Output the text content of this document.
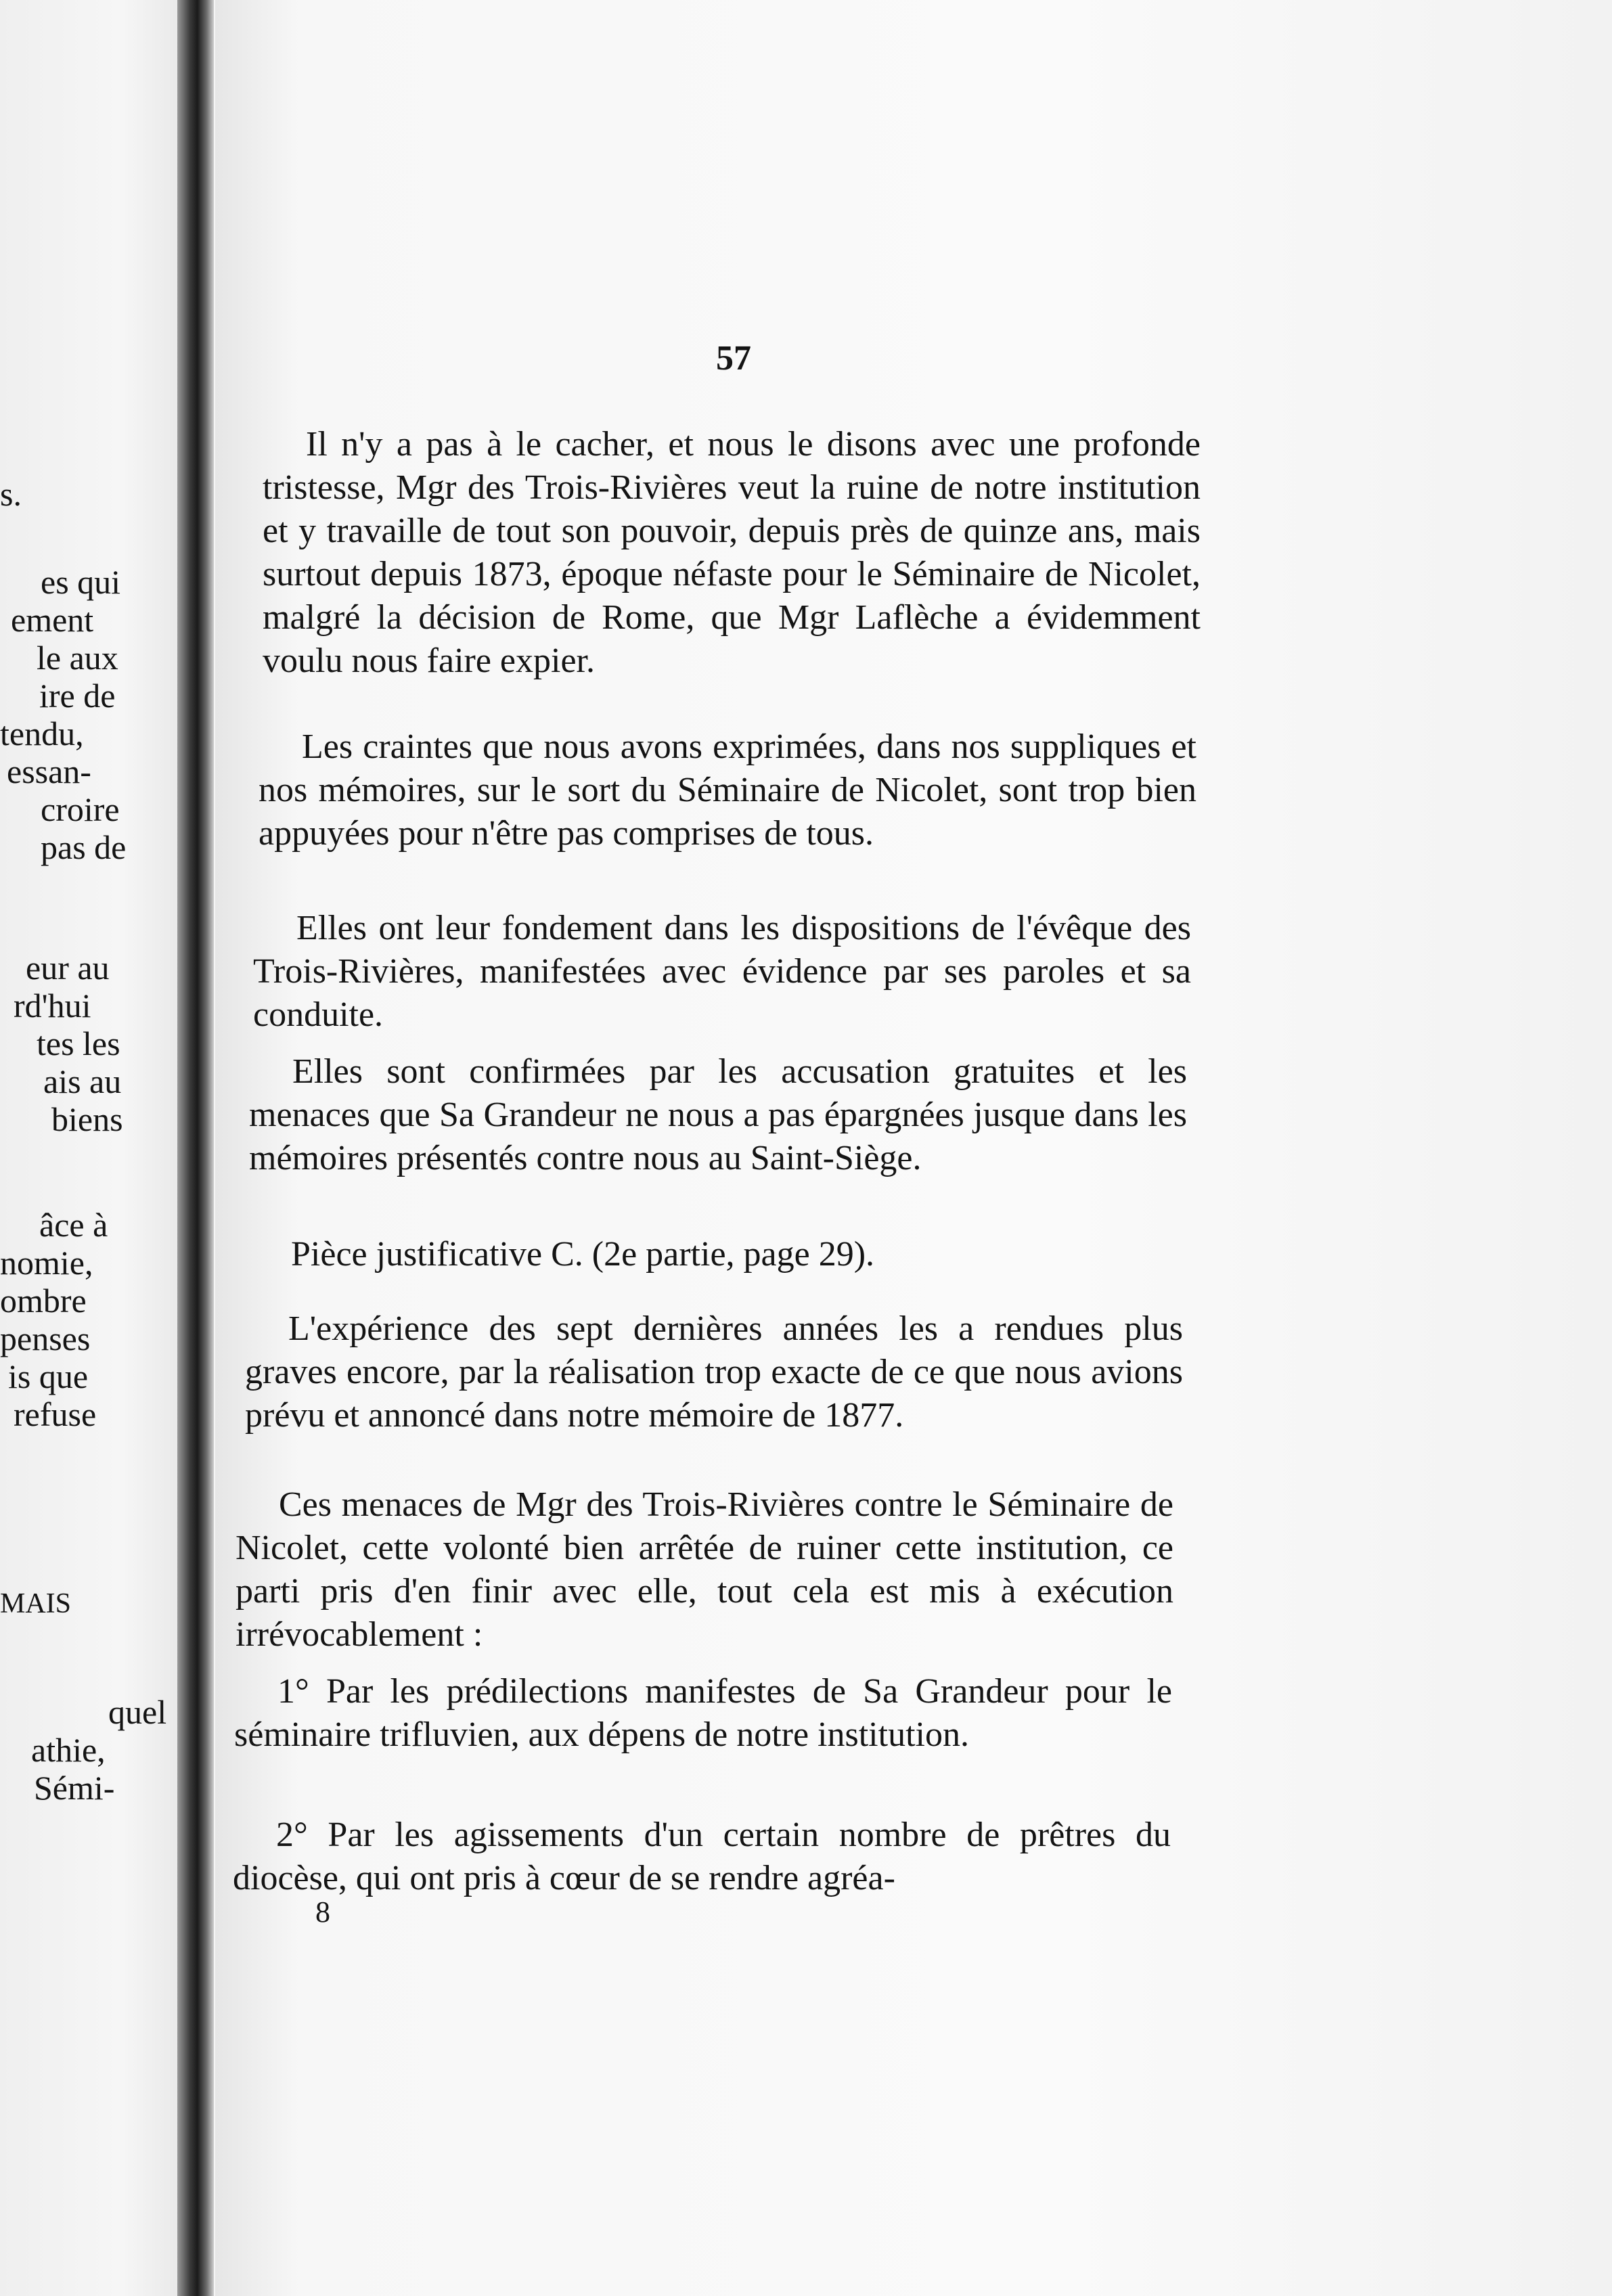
s.
es qui
ement
le aux
ire de
tendu,
essan-
croire
pas de
eur au
rd'hui
tes les
ais au
biens
âce à
nomie,
ombre
penses
is que
refuse
MAIS
quel
athie,
Sémi-
57
Il n'y a pas à le cacher, et nous le disons avec une profonde tristesse, Mgr des Trois-Rivières veut la ruine de notre institution et y travaille de tout son pouvoir, depuis près de quinze ans, mais surtout depuis 1873, époque néfaste pour le Séminaire de Nicolet, malgré la décision de Rome, que Mgr Laflèche a évidemment voulu nous faire expier.
Les craintes que nous avons exprimées, dans nos suppliques et nos mémoires, sur le sort du Séminaire de Nicolet, sont trop bien appuyées pour n'être pas comprises de tous.
Elles ont leur fondement dans les dispositions de l'évêque des Trois-Rivières, manifestées avec évidence par ses paroles et sa conduite.
Elles sont confirmées par les accusation gratuites et les menaces que Sa Grandeur ne nous a pas épargnées jusque dans les mémoires présentés contre nous au Saint-Siège.
Pièce justificative C. (2e partie, page 29).
L'expérience des sept dernières années les a rendues plus graves encore, par la réalisation trop exacte de ce que nous avions prévu et annoncé dans notre mémoire de 1877.
Ces menaces de Mgr des Trois-Rivières contre le Séminaire de Nicolet, cette volonté bien arrêtée de ruiner cette institution, ce parti pris d'en finir avec elle, tout cela est mis à exécution irrévocablement :
1° Par les prédilections manifestes de Sa Grandeur pour le séminaire trifluvien, aux dépens de notre institution.
2° Par les agissements d'un certain nombre de prêtres du diocèse, qui ont pris à cœur de se rendre agréa-
8
